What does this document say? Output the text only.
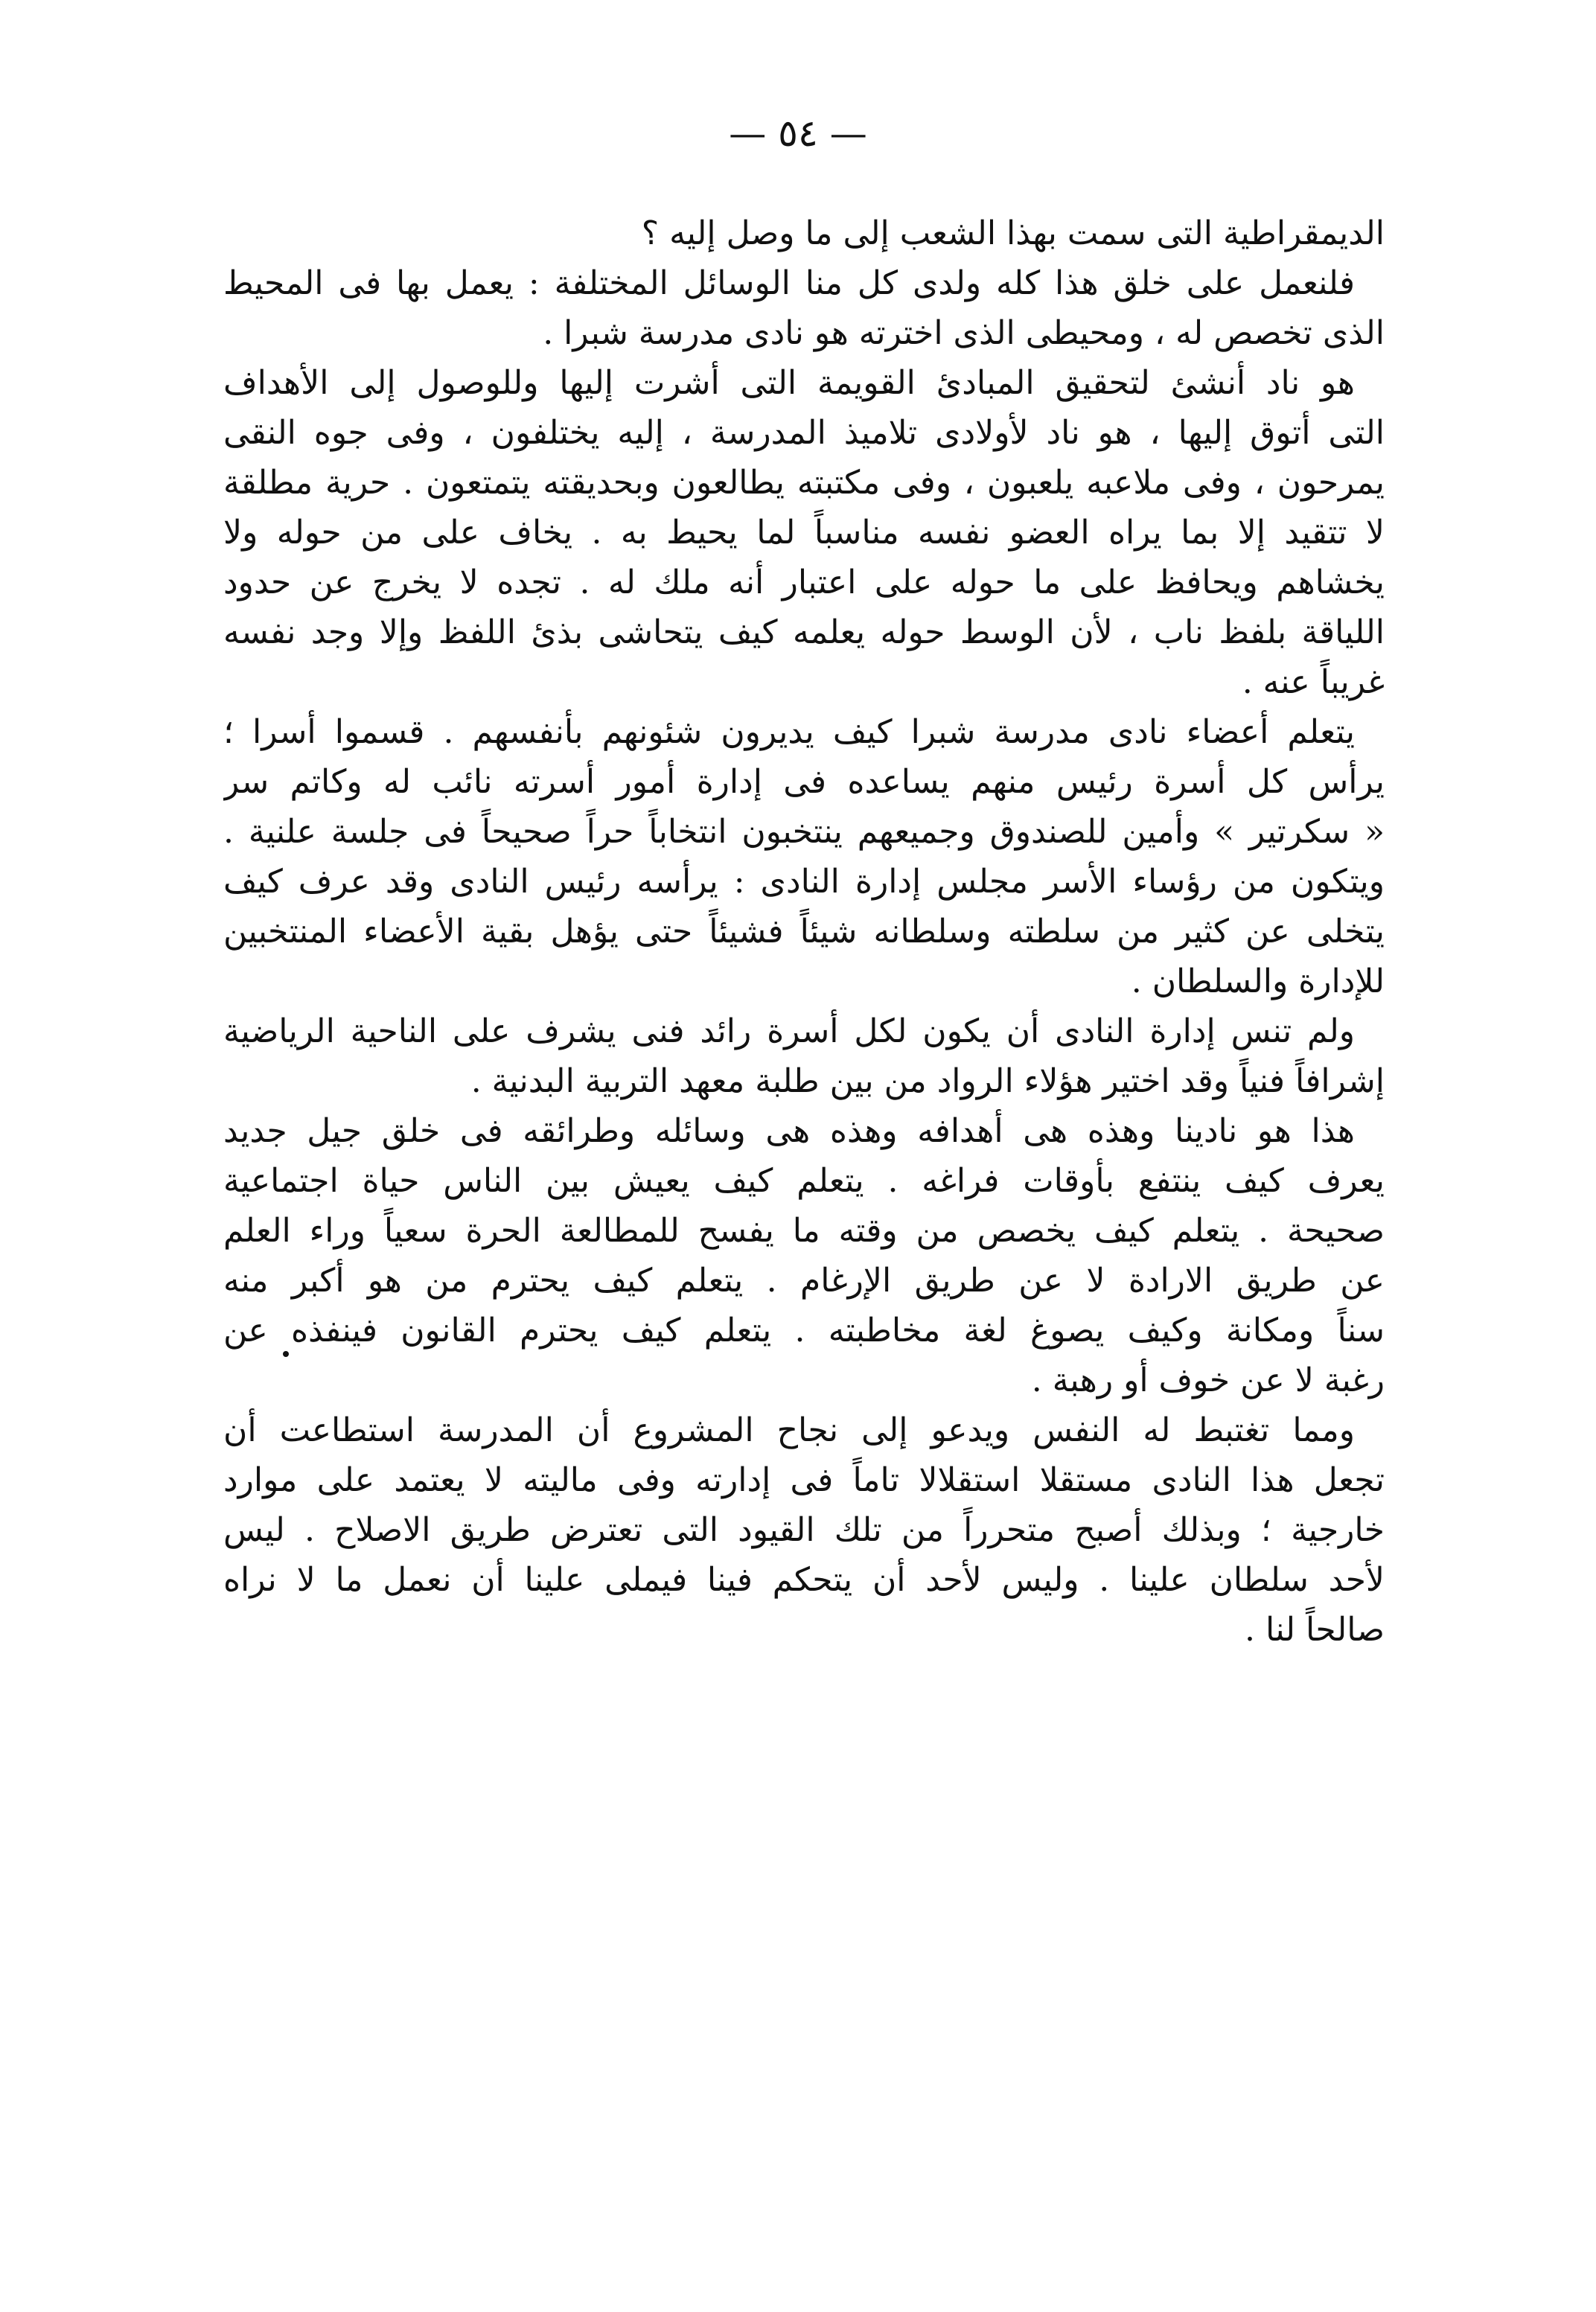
— ٥٤ —
الديمقراطية التى سمت بهذا الشعب إلى ما وصل إليه ؟
فلنعمل على خلق هذا كله ولدى كل منا الوسائل المختلفة : يعمل بها فى المحيط
الذى تخصص له ، ومحيطى الذى اخترته هو نادى مدرسة شبرا .
هو ناد أنشئ لتحقيق المبادئ القويمة التى أشرت إليها وللوصول إلى الأهداف
التى أتوق إليها ، هو ناد لأولادى تلاميذ المدرسة ، إليه يختلفون ، وفى جوه النقى
يمرحون ، وفى ملاعبه يلعبون ، وفى مكتبته يطالعون وبحديقته يتمتعون . حرية مطلقة
لا تتقيد إلا بما يراه العضو نفسه مناسباً لما يحيط به . يخاف على من حوله ولا
يخشاهم ويحافظ على ما حوله على اعتبار أنه ملك له . تجده لا يخرج عن حدود
اللياقة بلفظ ناب ، لأن الوسط حوله يعلمه كيف يتحاشى بذئ اللفظ وإلا وجد نفسه
غريباً عنه .
يتعلم أعضاء نادى مدرسة شبرا كيف يديرون شئونهم بأنفسهم . قسموا أسرا ؛
يرأس كل أسرة رئيس منهم يساعده فى إدارة أمور أسرته نائب له وكاتم سر
« سكرتير » وأمين للصندوق وجميعهم ينتخبون انتخاباً حراً صحيحاً فى جلسة علنية .
ويتكون من رؤساء الأسر مجلس إدارة النادى : يرأسه رئيس النادى وقد عرف كيف
يتخلى عن كثير من سلطته وسلطانه شيئاً فشيئاً حتى يؤهل بقية الأعضاء المنتخبين
للإدارة والسلطان .
ولم تنس إدارة النادى أن يكون لكل أسرة رائد فنى يشرف على الناحية الرياضية
إشرافاً فنياً وقد اختير هؤلاء الرواد من بين طلبة معهد التربية البدنية .
هذا هو نادينا وهذه هى أهدافه وهذه هى وسائله وطرائقه فى خلق جيل جديد
يعرف كيف ينتفع بأوقات فراغه . يتعلم كيف يعيش بين الناس حياة اجتماعية
صحيحة . يتعلم كيف يخصص من وقته ما يفسح للمطالعة الحرة سعياً وراء العلم
عن طريق الارادة لا عن طريق الإرغام . يتعلم كيف يحترم من هو أكبر منه
سناً ومكانة وكيف يصوغ لغة مخاطبته . يتعلم كيف يحترم القانون فينفذه عن
رغبة لا عن خوف أو رهبة .
ومما تغتبط له النفس ويدعو إلى نجاح المشروع أن المدرسة استطاعت أن
تجعل هذا النادى مستقلا استقلالا تاماً فى إدارته وفى ماليته لا يعتمد على موارد
خارجية ؛ وبذلك أصبح متحرراً من تلك القيود التى تعترض طريق الاصلاح . ليس
لأحد سلطان علينا . وليس لأحد أن يتحكم فينا فيملى علينا أن نعمل ما لا نراه
صالحاً لنا .
